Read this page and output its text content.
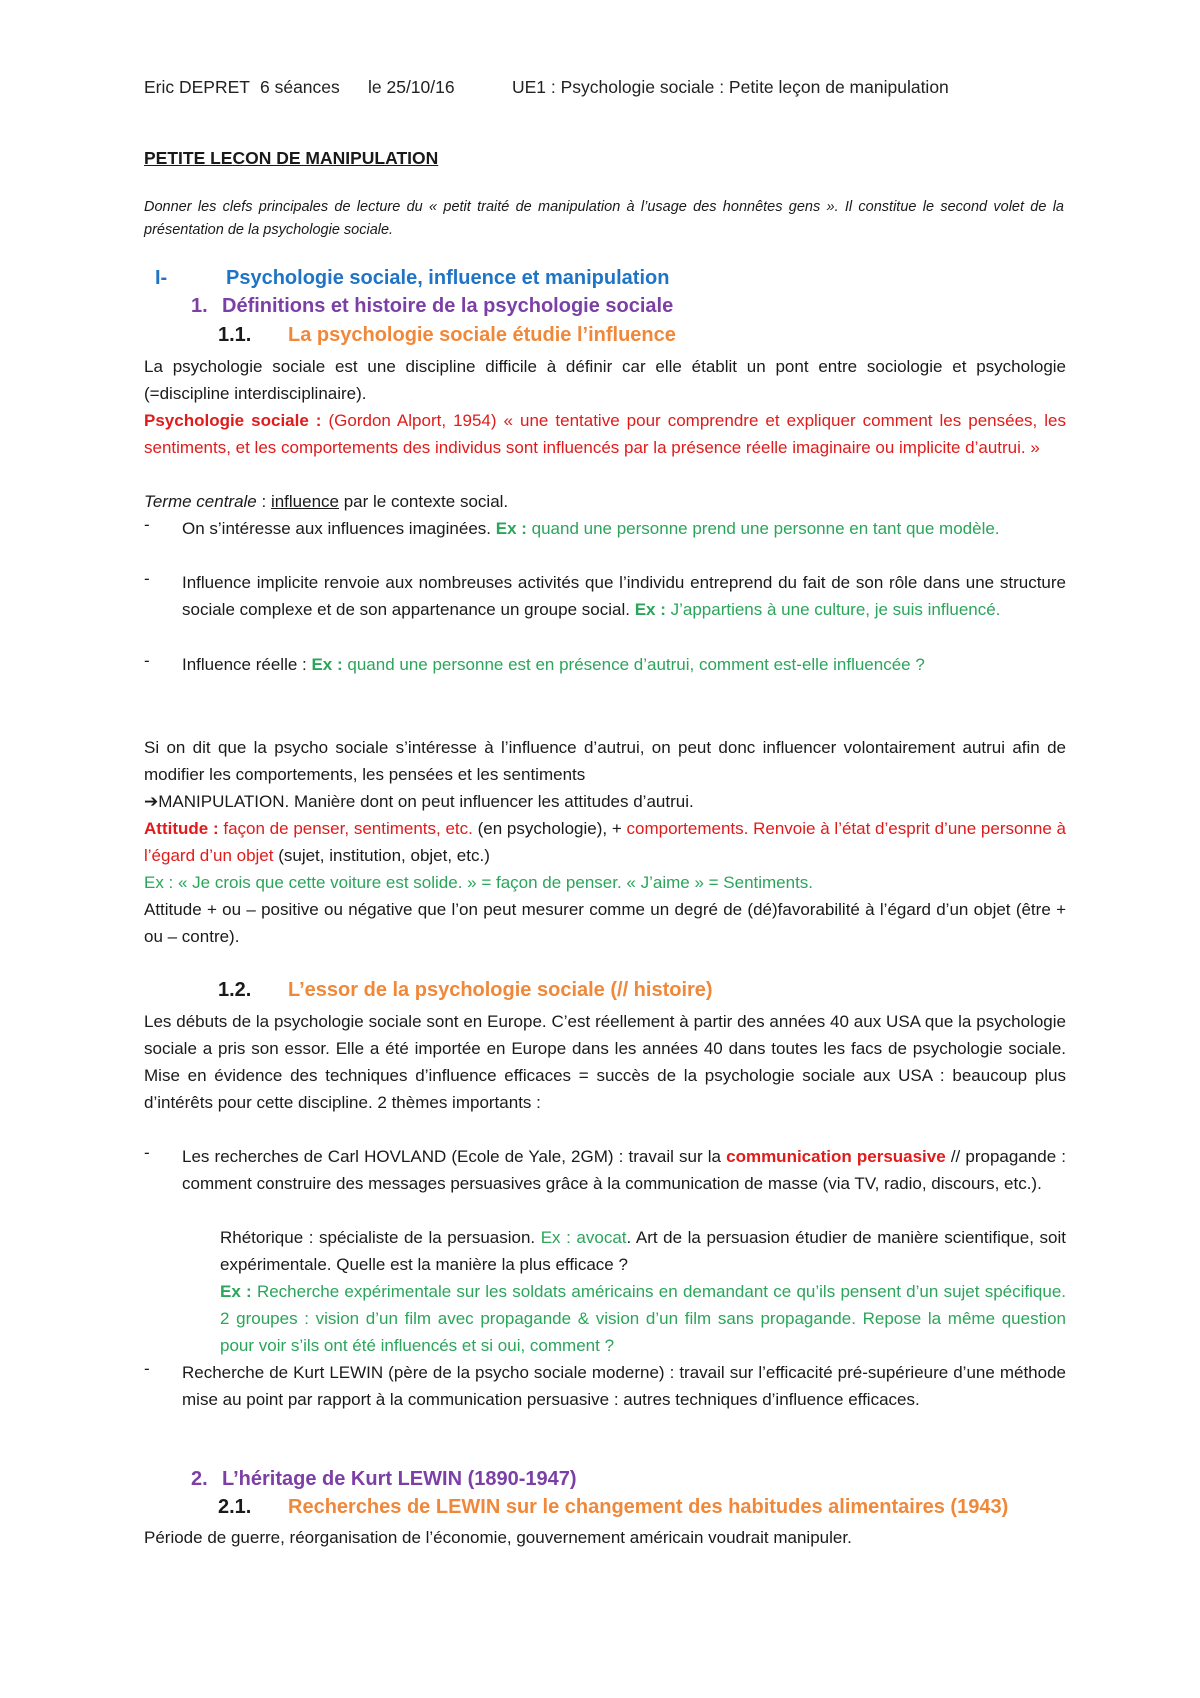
Eric DEPRET 6 séances le 25/10/16	UE1 : Psychologie sociale : Petite leçon de manipulation
PETITE LECON DE MANIPULATION
Donner les clefs principales de lecture du « petit traité de manipulation à l’usage des honnêtes gens ». Il constitue le second volet de la présentation de la psychologie sociale.
I-	Psychologie sociale, influence et manipulation
1. Définitions et histoire de la psychologie sociale
1.1. La psychologie sociale étudie l’influence
La psychologie sociale est une discipline difficile à définir car elle établit un pont entre sociologie et psychologie (=discipline interdisciplinaire).
Psychologie sociale : (Gordon Alport, 1954) « une tentative pour comprendre et expliquer comment les pensées, les sentiments, et les comportements des individus sont influencés par la présence réelle imaginaire ou implicite d’autrui. »
Terme centrale : influence par le contexte social.
- On s’intéresse aux influences imaginées. Ex : quand une personne prend une personne en tant que modèle.
- Influence implicite renvoie aux nombreuses activités que l’individu entreprend du fait de son rôle dans une structure sociale complexe et de son appartenance un groupe social. Ex : J’appartiens à une culture, je suis influencé.
- Influence réelle : Ex : quand une personne est en présence d’autrui, comment est-elle influencée ?
Si on dit que la psycho sociale s’intéresse à l’influence d’autrui, on peut donc influencer volontairement autrui afin de modifier les comportements, les pensées et les sentiments
➔MANIPULATION. Manière dont on peut influencer les attitudes d’autrui.
Attitude : façon de penser, sentiments, etc. (en psychologie), + comportements. Renvoie à l’état d’esprit d’une personne à l’égard d’un objet (sujet, institution, objet, etc.)
Ex : « Je crois que cette voiture est solide. » = façon de penser. « J’aime » = Sentiments.
Attitude + ou – positive ou négative que l’on peut mesurer comme un degré de (dé)favorabilité à l’égard d’un objet (être + ou – contre).
1.2. L’essor de la psychologie sociale (// histoire)
Les débuts de la psychologie sociale sont en Europe. C’est réellement à partir des années 40 aux USA que la psychologie sociale a pris son essor. Elle a été importée en Europe dans les années 40 dans toutes les facs de psychologie sociale. Mise en évidence des techniques d’influence efficaces = succès de la psychologie sociale aux USA : beaucoup plus d’intérêts pour cette discipline. 2 thèmes importants :
- Les recherches de Carl HOVLAND (Ecole de Yale, 2GM) : travail sur la communication persuasive // propagande : comment construire des messages persuasives grâce à la communication de masse (via TV, radio, discours, etc.).
Rhétorique : spécialiste de la persuasion. Ex : avocat. Art de la persuasion étudier de manière scientifique, soit expérimentale. Quelle est la manière la plus efficace ?
Ex : Recherche expérimentale sur les soldats américains en demandant ce qu’ils pensent d’un sujet spécifique. 2 groupes : vision d’un film avec propagande & vision d’un film sans propagande. Repose la même question pour voir s’ils ont été influencés et si oui, comment ?
- Recherche de Kurt LEWIN (père de la psycho sociale moderne) : travail sur l’efficacité pré-supérieure d’une méthode mise au point par rapport à la communication persuasive : autres techniques d’influence efficaces.
2. L’héritage de Kurt LEWIN (1890-1947)
2.1. Recherches de LEWIN sur le changement des habitudes alimentaires (1943)
Période de guerre, réorganisation de l’économie, gouvernement américain voudrait manipuler.
